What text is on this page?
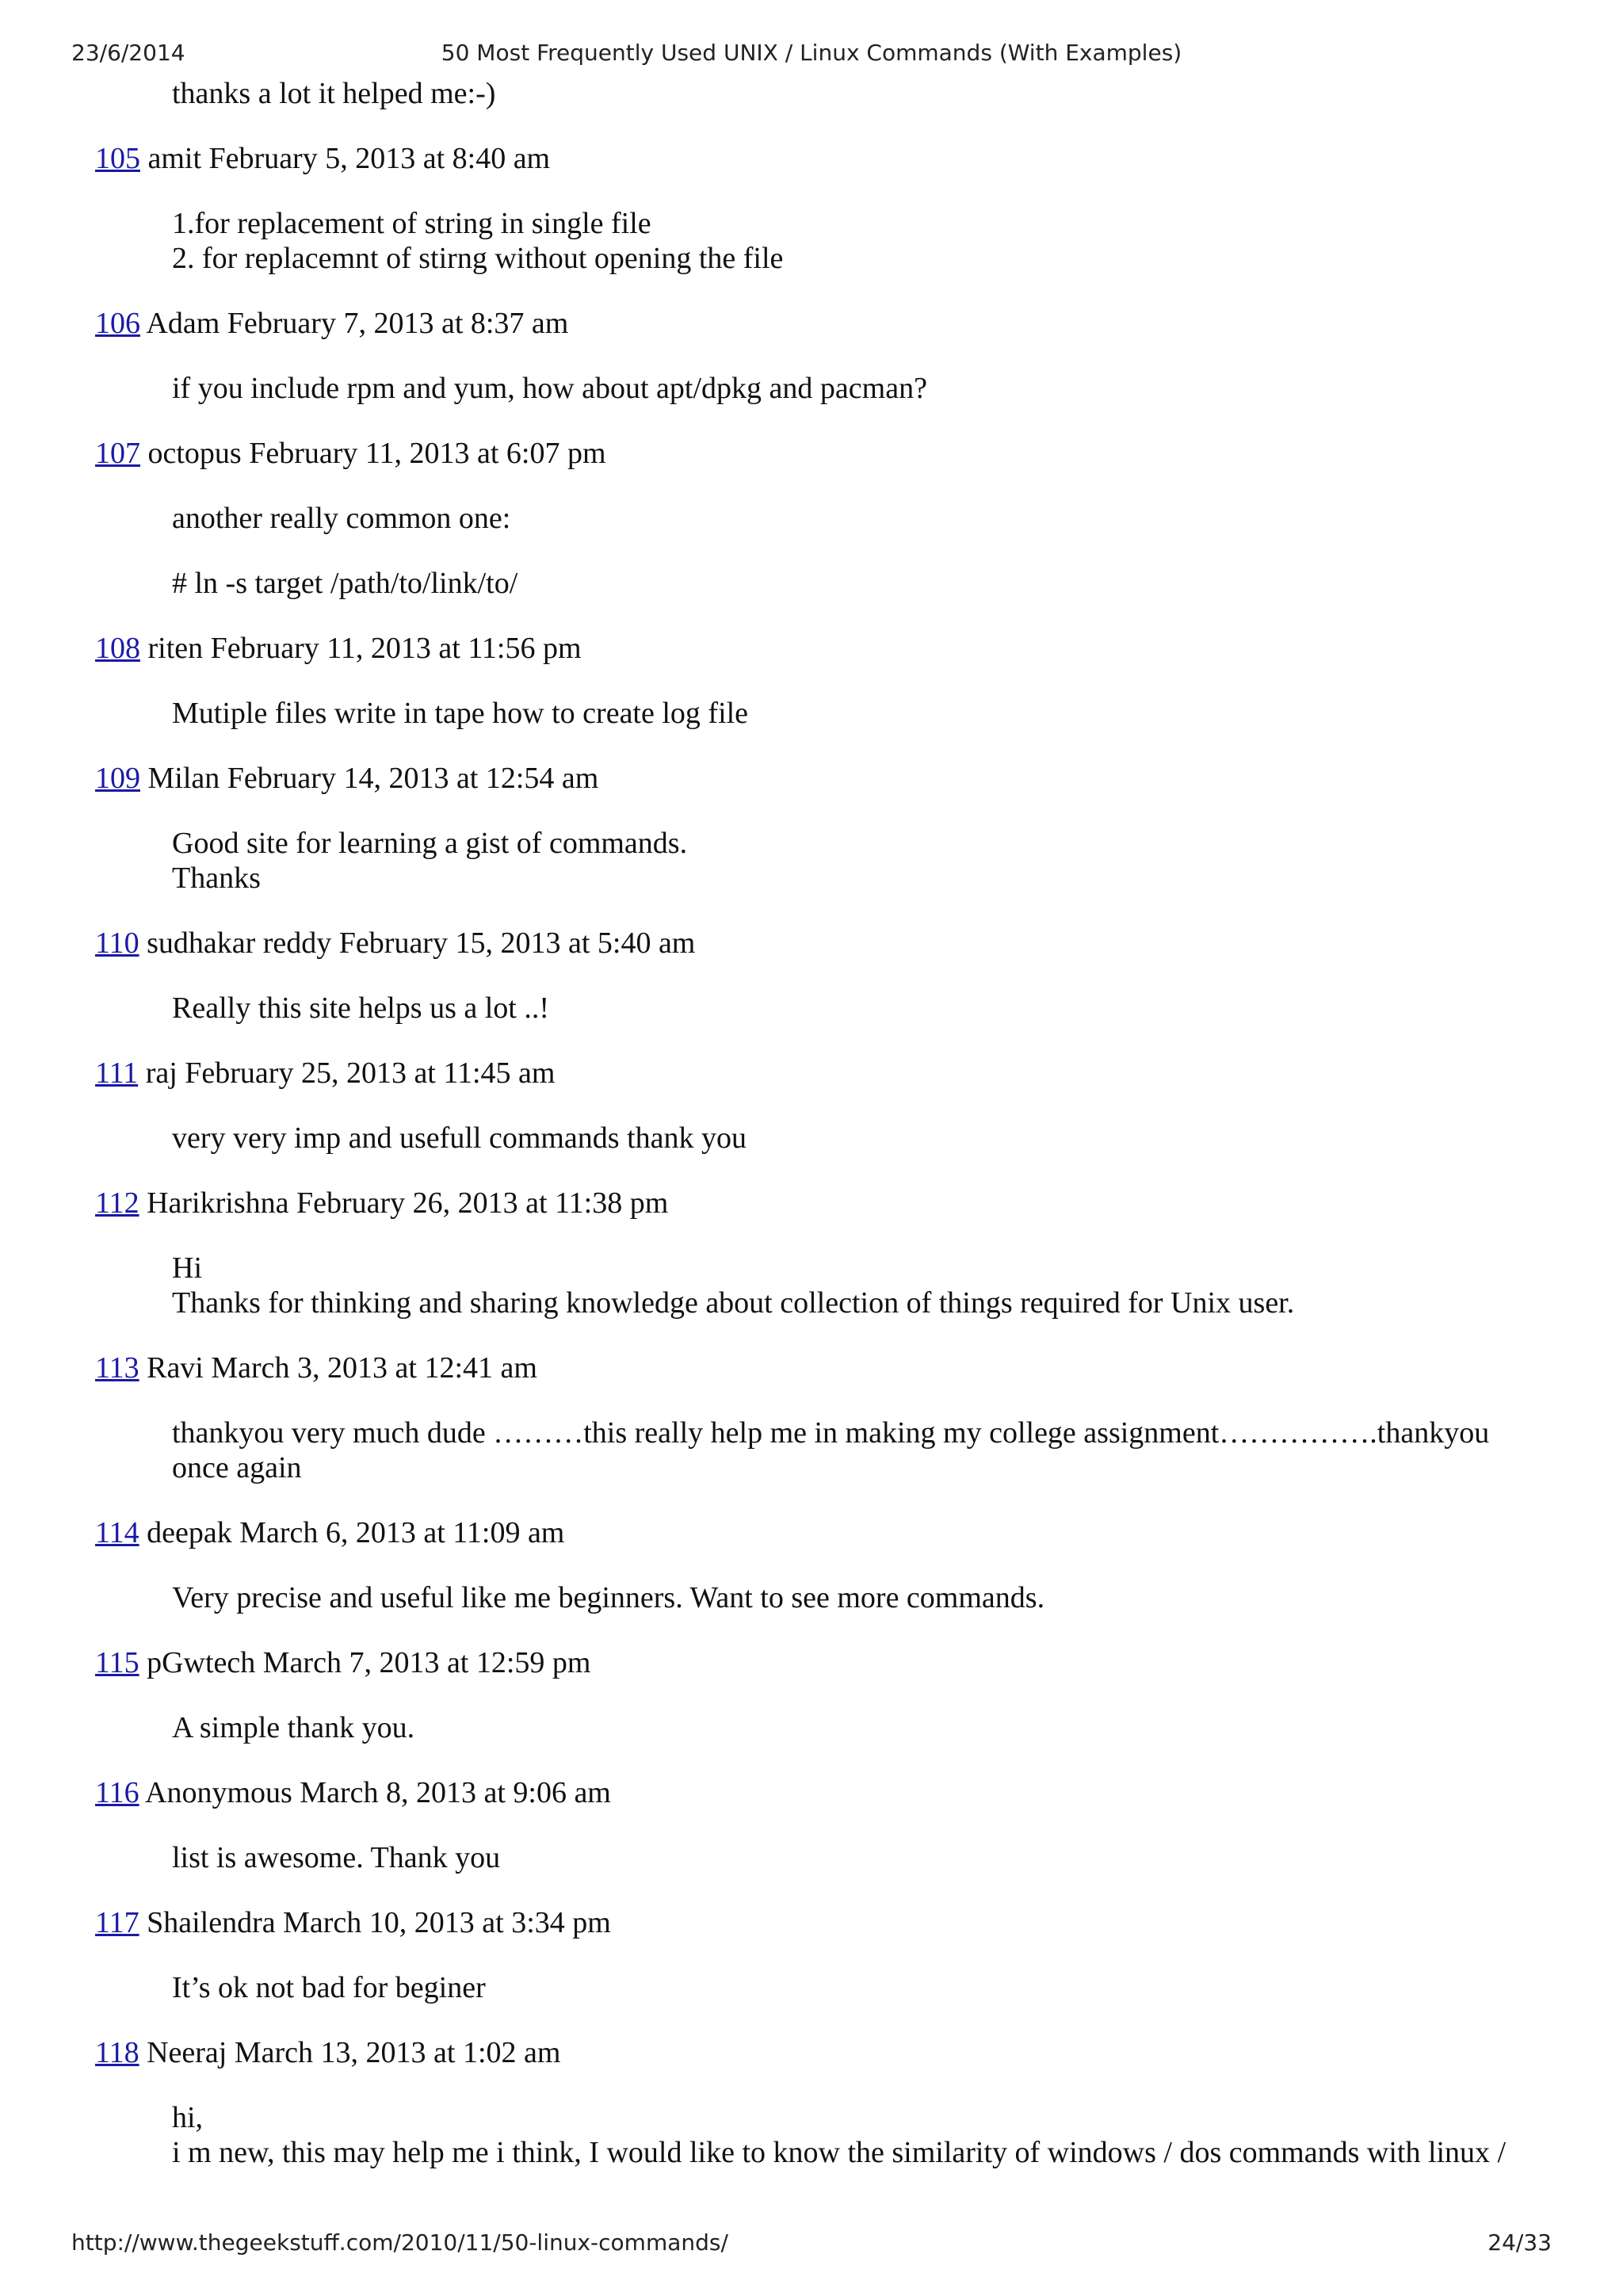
23/6/2014	50 Most Frequently Used UNIX / Linux Commands (With Examples)

thanks a lot it helped me:-)

105 amit February 5, 2013 at 8:40 am

1.for replacement of string in single file
2. for replacemnt of stirng without opening the file

106 Adam February 7, 2013 at 8:37 am

if you include rpm and yum, how about apt/dpkg and pacman?

107 octopus February 11, 2013 at 6:07 pm

another really common one:

# ln -s target /path/to/link/to/

108 riten February 11, 2013 at 11:56 pm

Mutiple files write in tape how to create log file

109 Milan February 14, 2013 at 12:54 am

Good site for learning a gist of commands.
Thanks

110 sudhakar reddy February 15, 2013 at 5:40 am

Really this site helps us a lot ..!

111 raj February 25, 2013 at 11:45 am

very very imp and usefull commands thank you

112 Harikrishna February 26, 2013 at 11:38 pm

Hi
Thanks for thinking and sharing knowledge about collection of things required for Unix user.

113 Ravi March 3, 2013 at 12:41 am

thankyou very much dude ………this really help me in making my college assignment…………….thankyou once again

114 deepak March 6, 2013 at 11:09 am

Very precise and useful like me beginners. Want to see more commands.

115 pGwtech March 7, 2013 at 12:59 pm

A simple thank you.

116 Anonymous March 8, 2013 at 9:06 am

list is awesome. Thank you

117 Shailendra March 10, 2013 at 3:34 pm

It’s ok not bad for beginer

118 Neeraj March 13, 2013 at 1:02 am

hi,
i m new, this may help me i think, I would like to know the similarity of windows / dos commands with linux /

http://www.thegeekstuff.com/2010/11/50-linux-commands/	24/33
